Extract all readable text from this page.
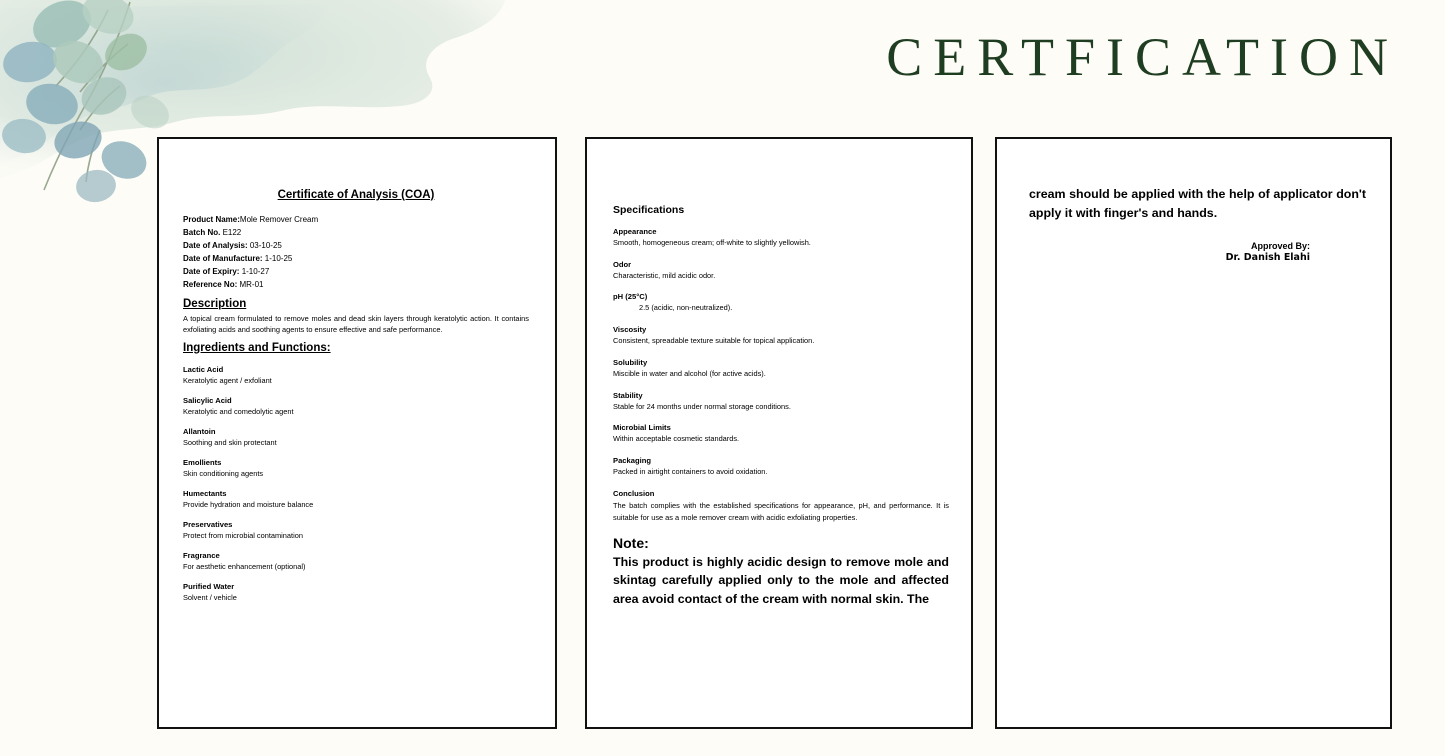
CERTFICATION
Certificate of Analysis (COA)
Product Name:Mole Remover Cream
Batch No. E122
Date of Analysis: 03-10-25
Date of Manufacture: 1-10-25
Date of Expiry: 1-10-27
Reference No: MR-01
Description
A topical cream formulated to remove moles and dead skin layers through keratolytic action. It contains exfoliating acids and soothing agents to ensure effective and safe performance.
Ingredients and Functions:
Lactic Acid
Keratolytic agent / exfoliant
Salicylic Acid
Keratolytic and comedolytic agent
Allantoin
Soothing and skin protectant
Emollients
Skin conditioning agents
Humectants
Provide hydration and moisture balance
Preservatives
Protect from microbial contamination
Fragrance
For aesthetic enhancement (optional)
Purified Water
Solvent / vehicle
Specifications
Appearance
Smooth, homogeneous cream; off-white to slightly yellowish.
Odor
Characteristic, mild acidic odor.
pH (25°C)
2.5 (acidic, non-neutralized).
Viscosity
Consistent, spreadable texture suitable for topical application.
Solubility
Miscible in water and alcohol (for active acids).
Stability
Stable for 24 months under normal storage conditions.
Microbial Limits
Within acceptable cosmetic standards.
Packaging
Packed in airtight containers to avoid oxidation.
Conclusion
The batch complies with the established specifications for appearance, pH, and performance. It is suitable for use as a mole remover cream with acidic exfoliating properties.
Note:
This product is highly acidic design to remove mole and skintag carefully applied only to the mole and affected area avoid contact of the cream with normal skin. The
cream should be applied with the help of applicator don't apply it with finger's and hands.
Approved By:
Dr. Danish Elahi
